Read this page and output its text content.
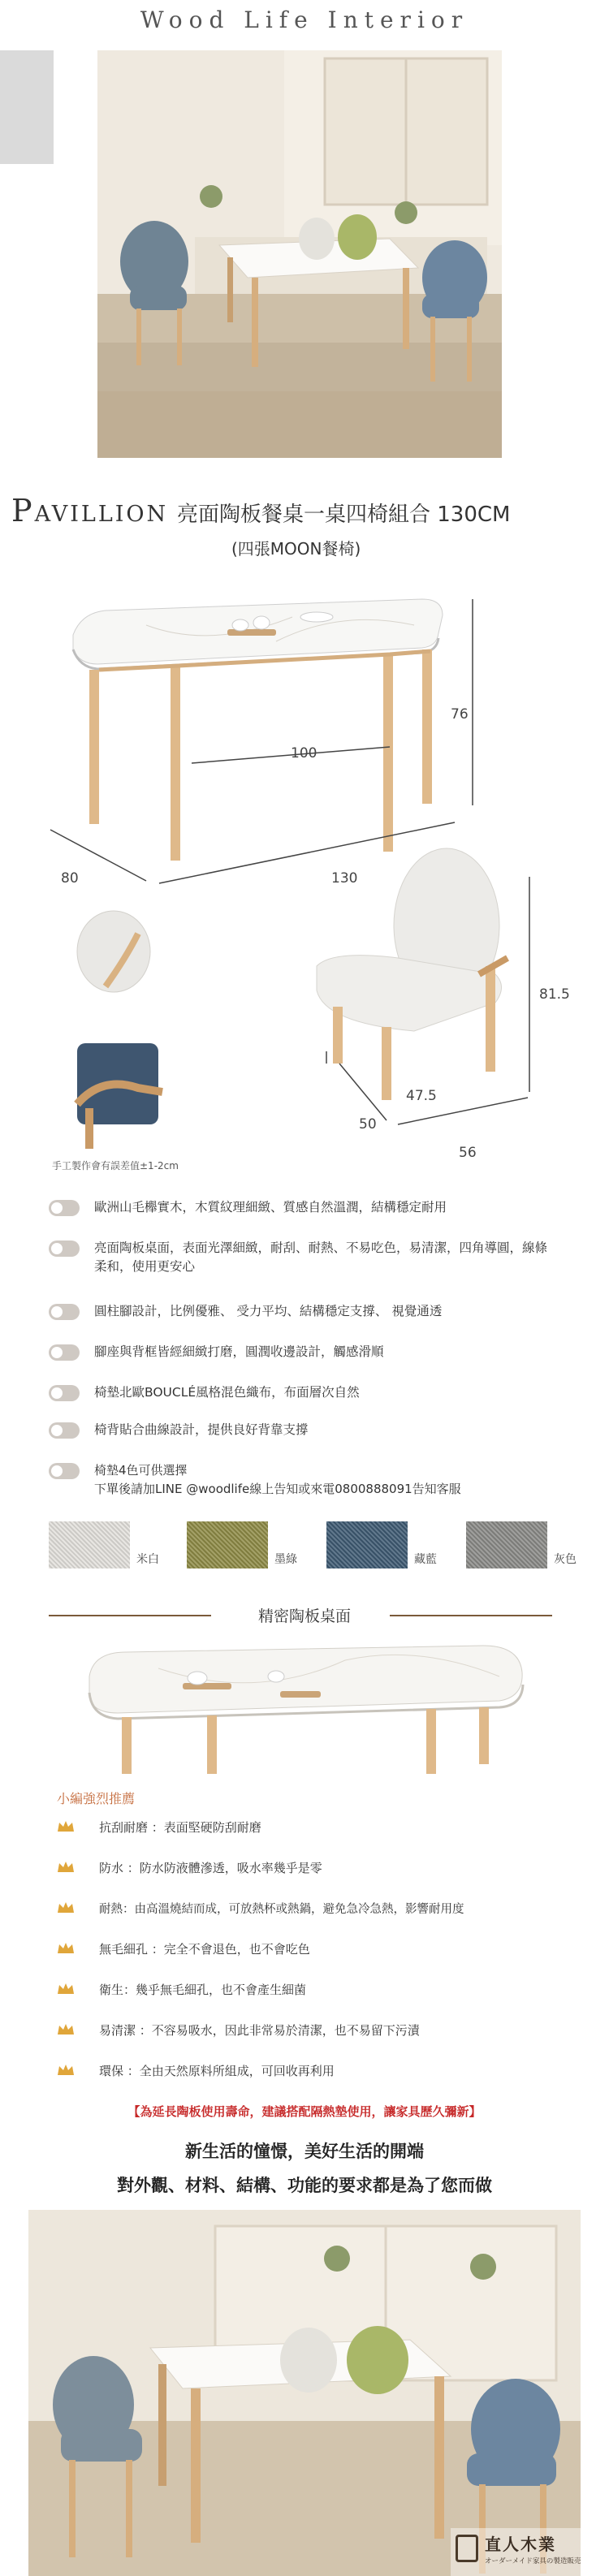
Wood Life Interior
Pavillion 亮面陶板餐桌一桌四椅組合 130CM
(四張MOON餐椅)
76
100
80	130
81.5
47.5
50
56
手工製作會有誤差值±1-2cm
歐洲山毛櫸實木，木質紋理細緻、質感自然溫潤，結構穩定耐用
亮面陶板桌面，表面光澤細緻，耐刮、耐熱、不易吃色，易清潔，四角導圓，線條柔和，使用更安心
圓柱腳設計，比例優雅、 受力平均、結構穩定支撐、 視覺通透
腳座與背框皆經細緻打磨，圓潤收邊設計，觸感滑順
椅墊北歐BOUCLÉ風格混色織布，布面層次自然
椅背貼合曲線設計，提供良好背靠支撐
椅墊4色可供選擇
下單後請加LINE @woodlife線上告知或來電0800888091告知客服
米白	墨綠	藏藍	灰色
精密陶板桌面
小編強烈推薦
抗刮耐磨 ：表面堅硬防刮耐磨
防水 ：防水防液體滲透，吸水率幾乎是零
耐熱：由高溫燒結而成，可放熱杯或熱鍋，避免急冷急熱，影響耐用度
無毛細孔 ：完全不會退色，也不會吃色
衛生：幾乎無毛細孔，也不會產生細菌
易清潔 ：不容易吸水，因此非常易於清潔，也不易留下污漬
環保 ：全由天然原料所組成，可回收再利用
【為延長陶板使用壽命，建議搭配隔熱墊使用，讓家具歷久彌新】
新生活的憧憬，美好生活的開端
對外觀、材料、結構、功能的要求都是為了您而做
直人木業
オーダーメイド家具の製造販売
